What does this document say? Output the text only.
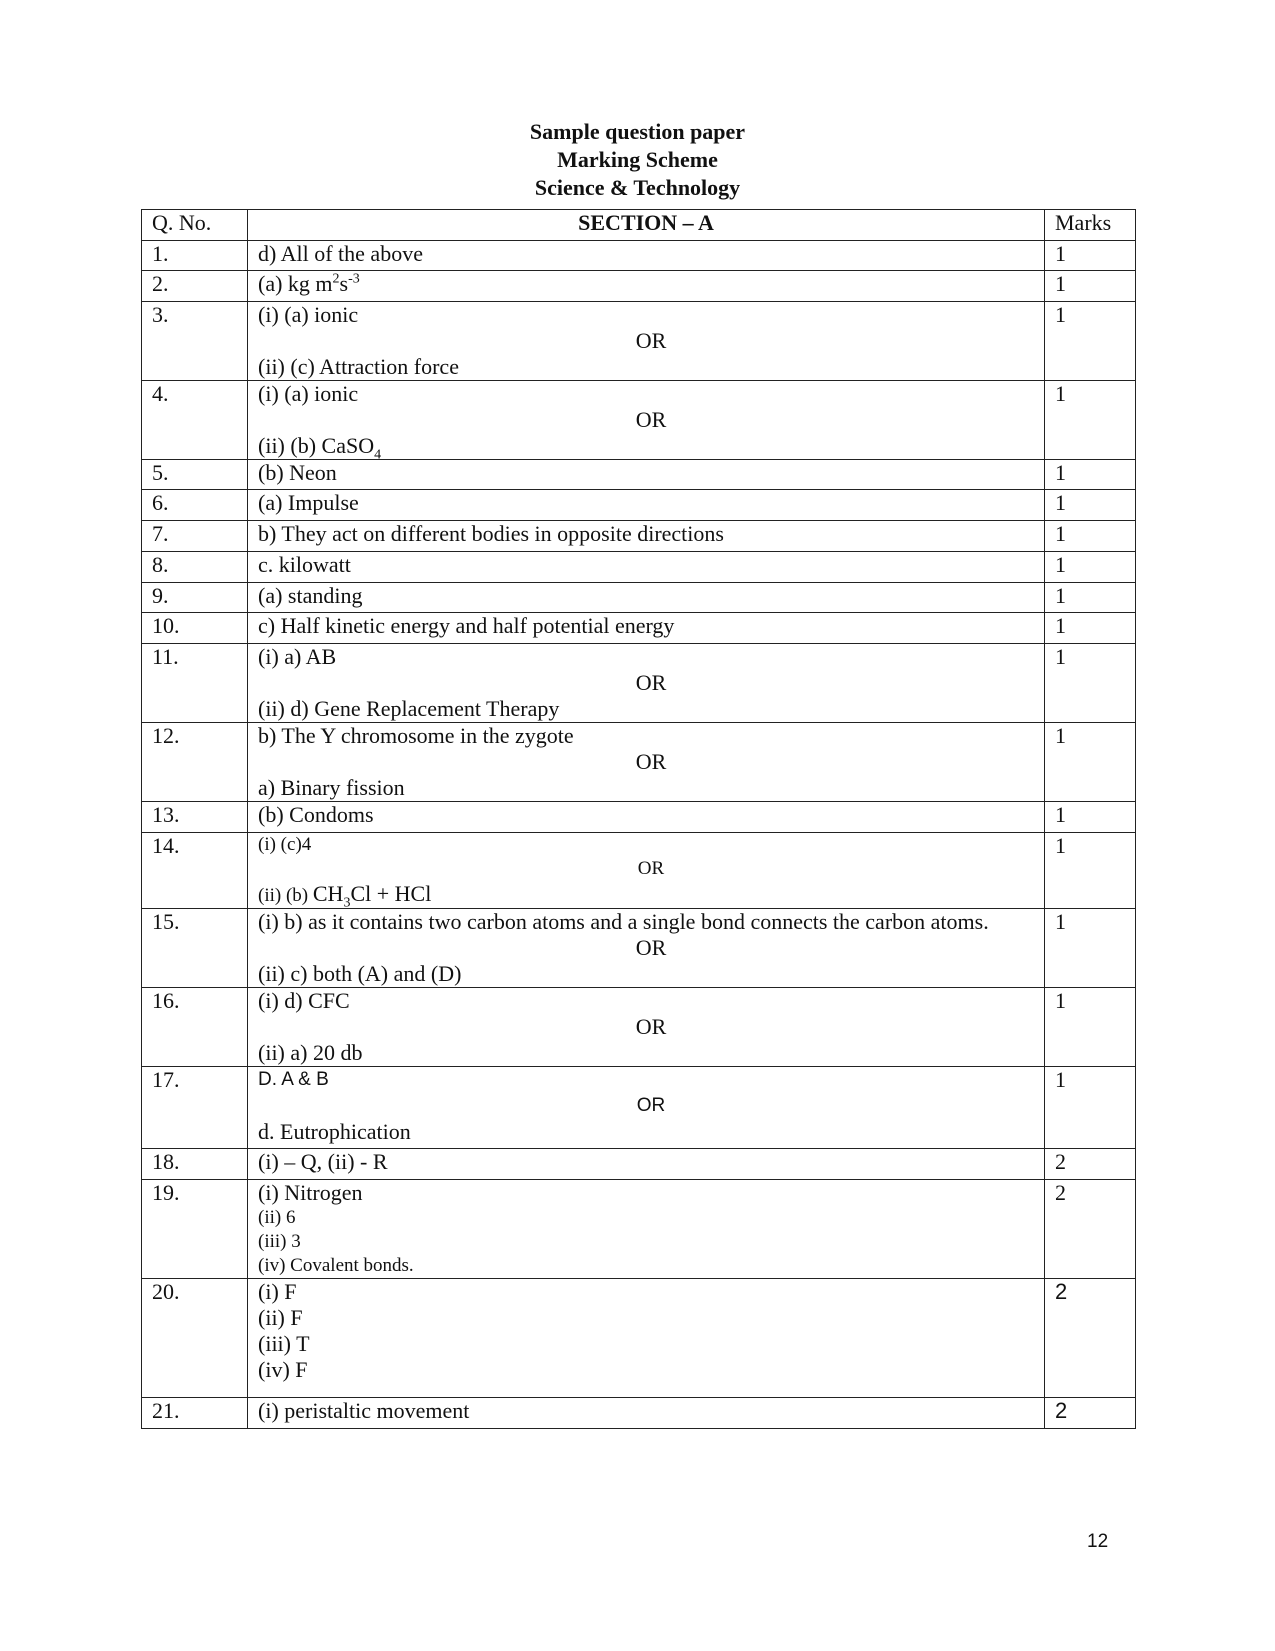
Sample question paper
Marking Scheme
Science & Technology
Q. No.	SECTION – A	Marks
1.	d) All of the above	1
2.	(a) kg $m^2s^{-3}$	1
3.	(i) (a) ionic
OR
(ii) (c) Attraction force	1
4.	(i) (a) ionic
OR
(ii) (b) CaSO$_4$	1
5.	(b) Neon	1
6.	(a) Impulse	1
7.	b) They act on different bodies in opposite directions	1
8.	c. kilowatt	1
9.	(a) standing	1
10.	c) Half kinetic energy and half potential energy	1
11.	(i) a) AB
OR
(ii) d) Gene Replacement Therapy	1
12.	b) The Y chromosome in the zygote
OR
a) Binary fission	1
13.	(b) Condoms	1
14.	(i) (c)4
OR
(ii) (b) $CH_3Cl$ + HCl	1
15.	(i) b) as it contains two carbon atoms and a single bond connects the carbon atoms.
OR
(ii) c) both (A) and (D)	1
16.	(i) d) CFC
OR
(ii) a) 20 db	1
17.	D. A & B
OR
d. Eutrophication	1
18.	(i) – Q, (ii) - R	2
19.	(i) Nitrogen
(ii) 6
(iii) 3
(iv) Covalent bonds.	2
20.	(i) F
(ii) F
(iii) T
(iv) F	2
21.	(i) peristaltic movement	2
12
